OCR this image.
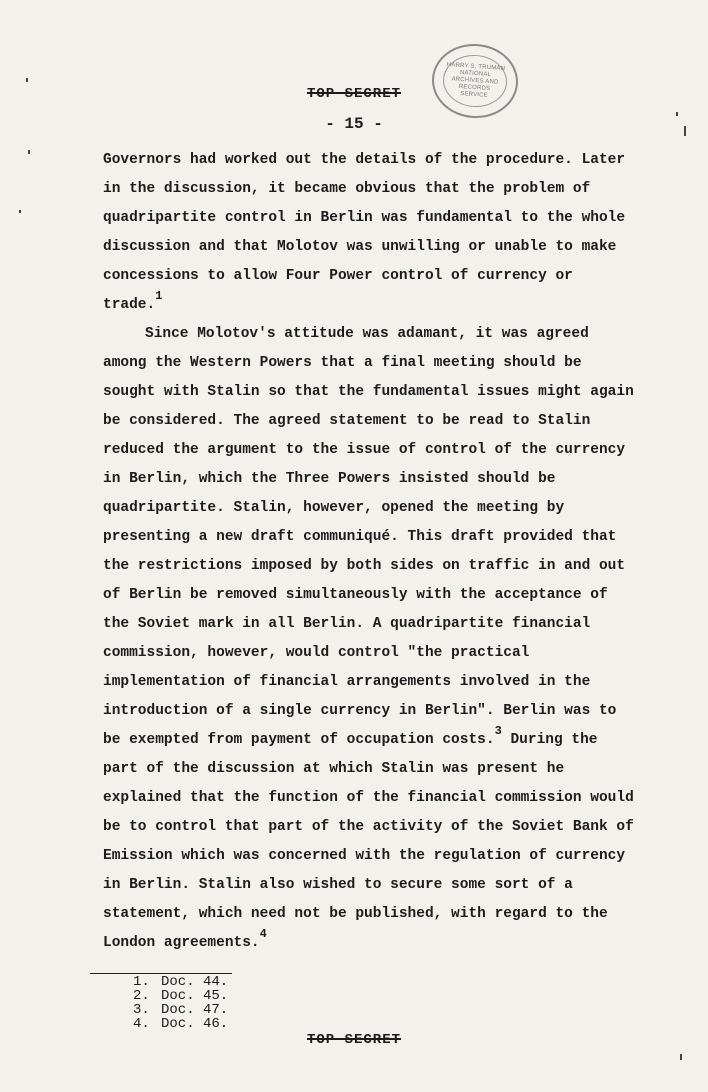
HARRY S. TRUMAN
NATIONAL
ARCHIVES AND
RECORDS
SERVICE
TOP SECRET
- 15 -

Governors had worked out the details of the procedure. Later in the discussion, it became obvious that the problem of quadripartite control in Berlin was fundamental to the whole discussion and that Molotov was unwilling or unable to make concessions to allow Four Power control of currency or trade.$^1$

Since Molotov's attitude was adamant, it was agreed among the Western Powers that a final meeting should be sought with Stalin so that the fundamental issues might again be considered. The agreed statement to be read to Stalin reduced the argument to the issue of control of the currency in Berlin, which the Three Powers insisted should be quadripartite. Stalin, however, opened the meeting by presenting a new draft communiqué. This draft provided that the restrictions imposed by both sides on traffic in and out of Berlin be removed simultaneously with the acceptance of the Soviet mark in all Berlin. A quadripartite financial commission, however, would control "the practical implementation of financial arrangements involved in the introduction of a single currency in Berlin". Berlin was to be exempted from payment of occupation costs.$^3$ During the part of the discussion at which Stalin was present he explained that the function of the financial commission would be to control that part of the activity of the Soviet Bank of Emission which was concerned with the regulation of currency in Berlin. Stalin also wished to secure some sort of a statement, which need not be published, with regard to the London agreements.$^4$

1. Doc. 44.
2. Doc. 45.
3. Doc. 47.
4. Doc. 46.
TOP SECRET
